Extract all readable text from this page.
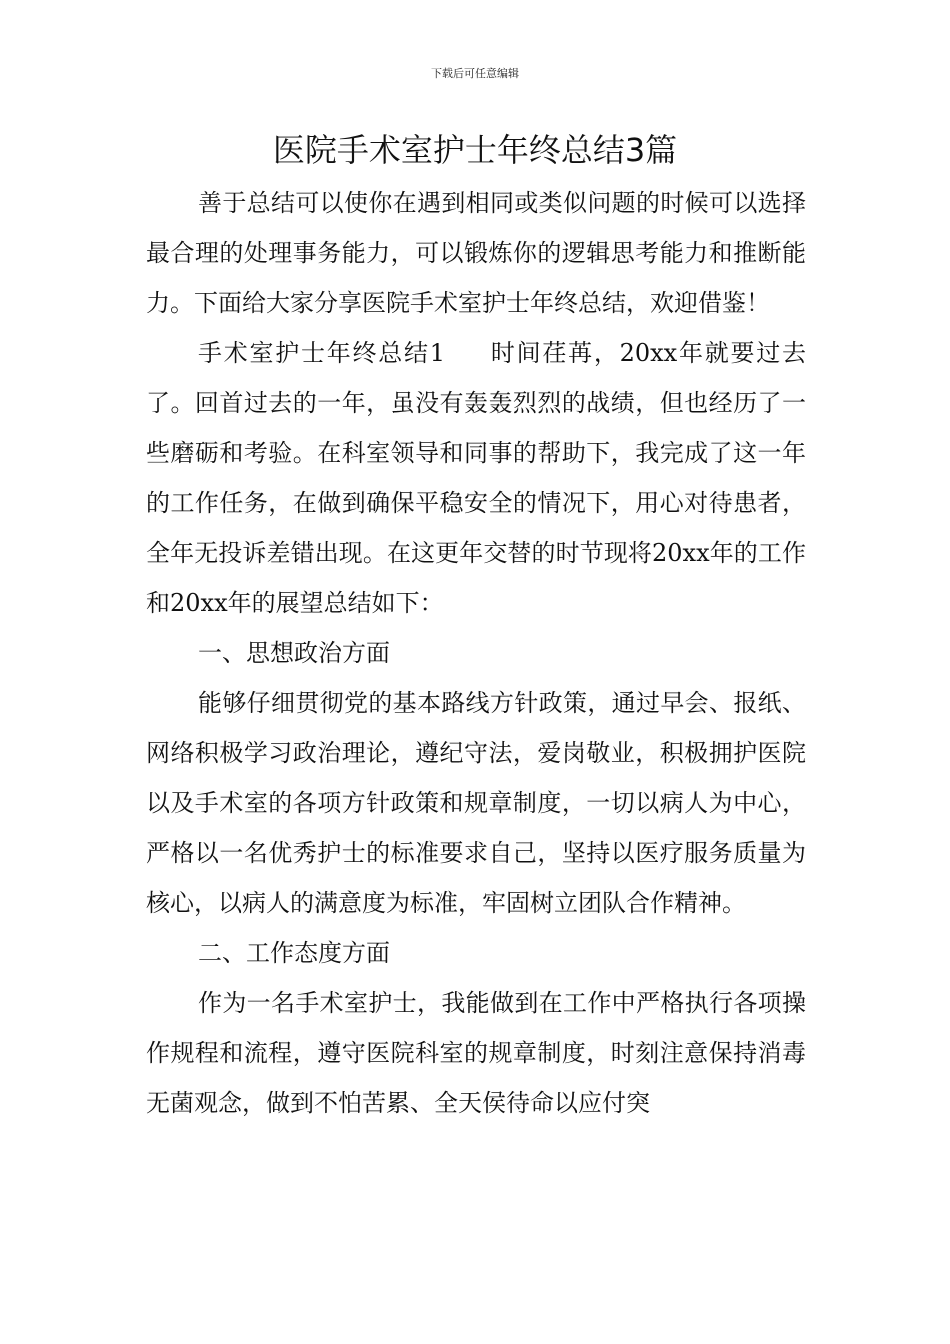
下载后可任意编辑
医院手术室护士年终总结3篇

善于总结可以使你在遇到相同或类似问题的时候可以选择最合理的处理事务能力，可以锻炼你的逻辑思考能力和推断能力。下面给大家分享医院手术室护士年终总结，欢迎借鉴！

手术室护士年终总结1 时间荏苒，20xx年就要过去了。回首过去的一年，虽没有轰轰烈烈的战绩，但也经历了一些磨砺和考验。在科室领导和同事的帮助下，我完成了这一年的工作任务，在做到确保平稳安全的情况下，用心对待患者，全年无投诉差错出现。在这更年交替的时节现将20xx年的工作和20xx年的展望总结如下：

一、思想政治方面

能够仔细贯彻党的基本路线方针政策，通过早会、报纸、网络积极学习政治理论，遵纪守法，爱岗敬业，积极拥护医院以及手术室的各项方针政策和规章制度，一切以病人为中心，严格以一名优秀护士的标准要求自己，坚持以医疗服务质量为核心，以病人的满意度为标准，牢固树立团队合作精神。

二、工作态度方面

作为一名手术室护士，我能做到在工作中严格执行各项操作规程和流程，遵守医院科室的规章制度，时刻注意保持消毒无菌观念，做到不怕苦累、全天侯待命以应付突
